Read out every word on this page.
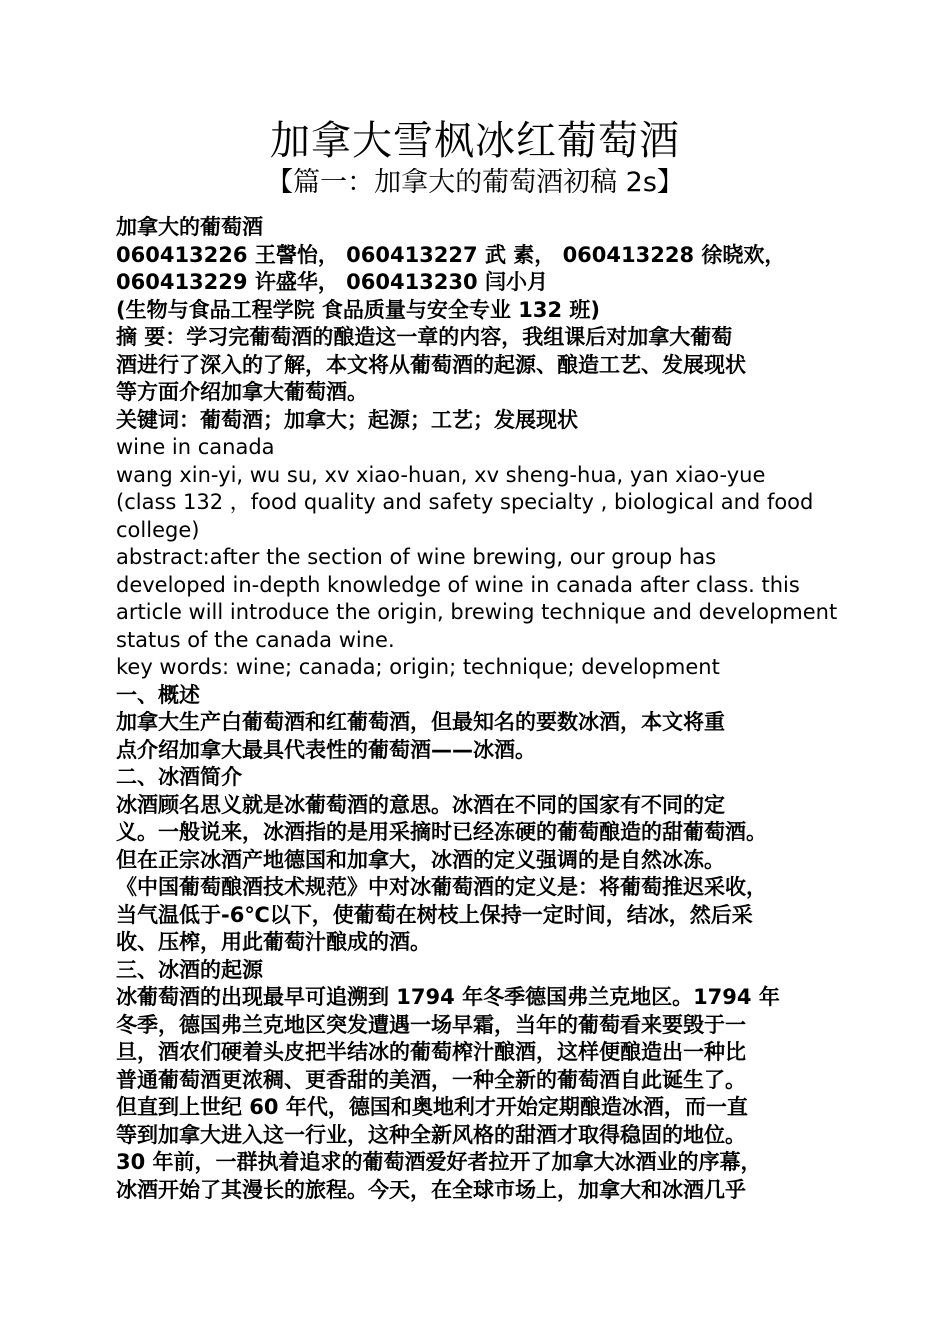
加拿大雪枫冰红葡萄酒
【篇一：加拿大的葡萄酒初稿 2s】

加拿大的葡萄酒

060413226 王謦怡， 060413227 武 素， 060413228 徐晓欢，

060413229 许盛华， 060413230 闫小月

(生物与食品工程学院 食品质量与安全专业 132 班)

摘 要：学习完葡萄酒的酿造这一章的内容，我组课后对加拿大葡萄

酒进行了深入的了解，本文将从葡萄酒的起源、酿造工艺、发展现状

等方面介绍加拿大葡萄酒。

关键词：葡萄酒；加拿大；起源；工艺；发展现状

wine in canada

wang xin-yi, wu su, xv xiao-huan, xv sheng-hua, yan xiao-yue

(class 132 ，food quality and safety specialty , biological and food

college)

abstract:after the section of wine brewing, our group has

developed in-depth knowledge of wine in canada after class. this

article will introduce the origin, brewing technique and development

status of the canada wine.

key words: wine; canada; origin; technique; development

一、概述

加拿大生产白葡萄酒和红葡萄酒，但最知名的要数冰酒，本文将重

点介绍加拿大最具代表性的葡萄酒——冰酒。

二、冰酒简介

冰酒顾名思义就是冰葡萄酒的意思。冰酒在不同的国家有不同的定

义。一般说来，冰酒指的是用采摘时已经冻硬的葡萄酿造的甜葡萄酒。

但在正宗冰酒产地德国和加拿大，冰酒的定义强调的是自然冰冻。

《中国葡萄酿酒技术规范》中对冰葡萄酒的定义是：将葡萄推迟采收，

当气温低于-6℃以下，使葡萄在树枝上保持一定时间，结冰，然后采

收、压榨，用此葡萄汁酿成的酒。

三、冰酒的起源

冰葡萄酒的出现最早可追溯到 1794 年冬季德国弗兰克地区。1794 年

冬季，德国弗兰克地区突发遭遇一场早霜，当年的葡萄看来要毁于一

旦，酒农们硬着头皮把半结冰的葡萄榨汁酿酒，这样便酿造出一种比

普通葡萄酒更浓稠、更香甜的美酒，一种全新的葡萄酒自此诞生了。

但直到上世纪 60 年代，德国和奥地利才开始定期酿造冰酒，而一直

等到加拿大进入这一行业，这种全新风格的甜酒才取得稳固的地位。

30 年前，一群执着追求的葡萄酒爱好者拉开了加拿大冰酒业的序幕，

冰酒开始了其漫长的旅程。今天，在全球市场上，加拿大和冰酒几乎
